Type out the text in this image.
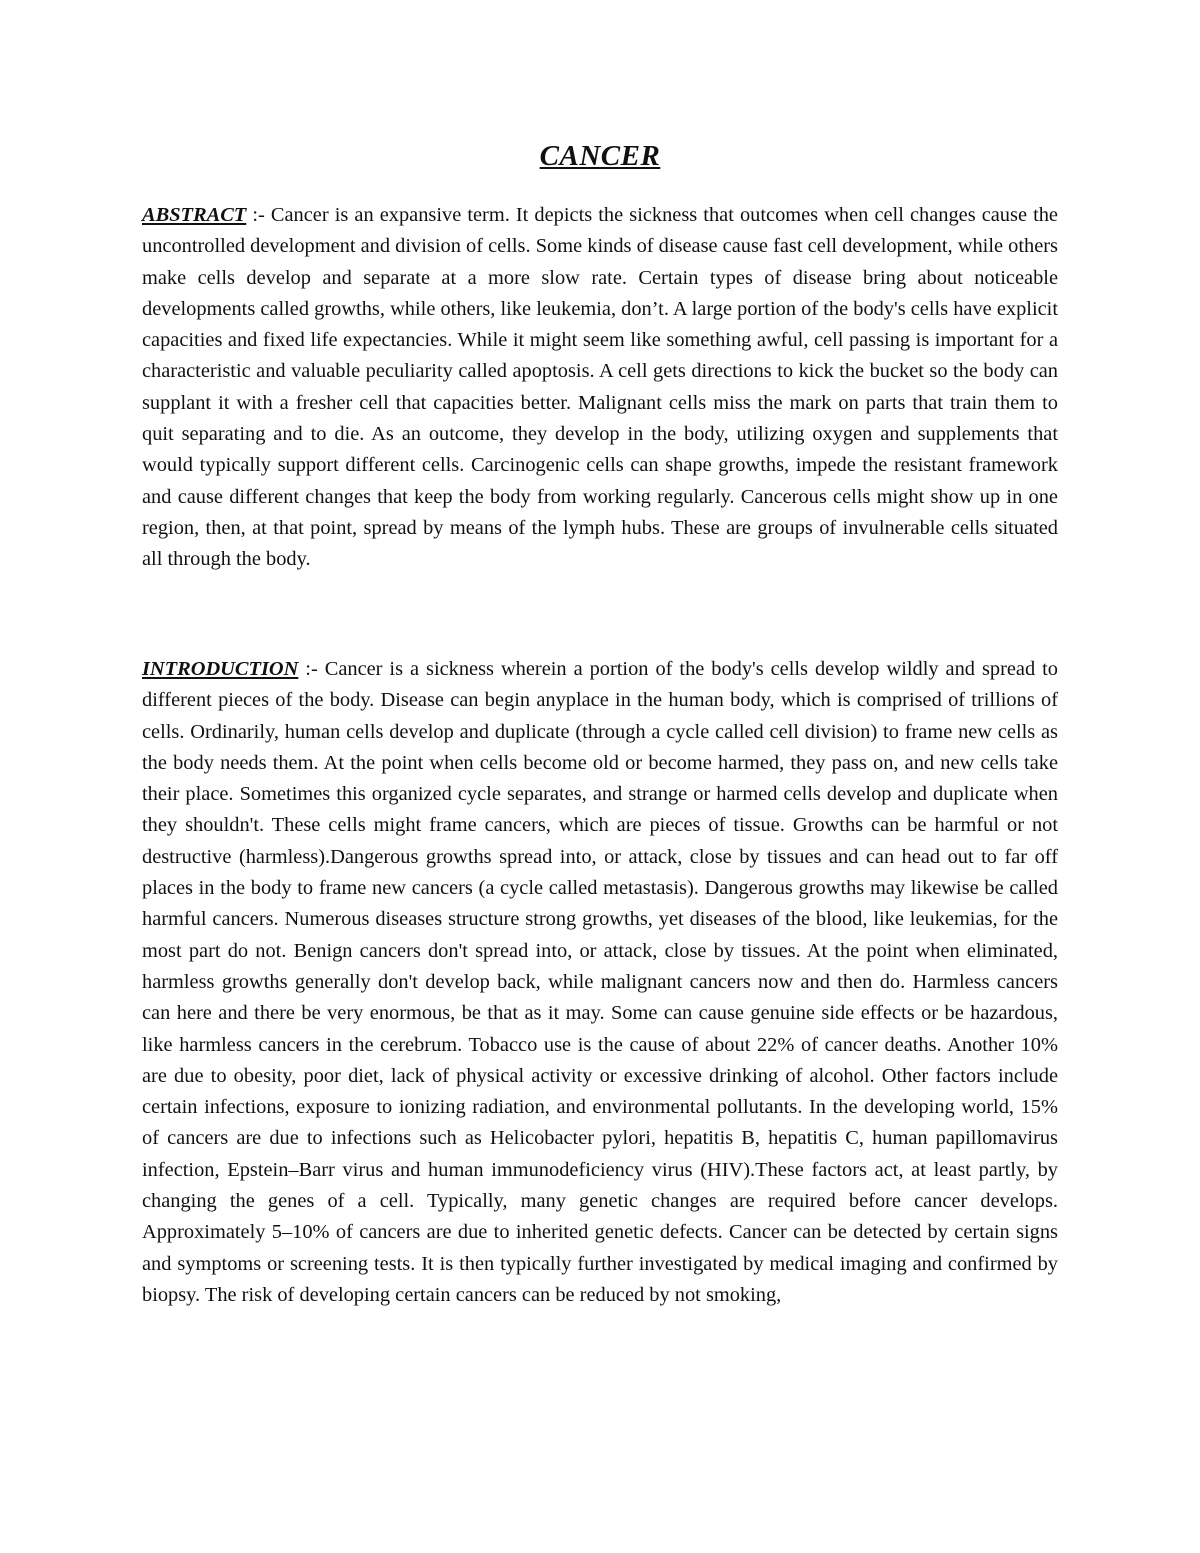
CANCER

ABSTRACT :- Cancer is an expansive term. It depicts the sickness that outcomes when cell changes cause the uncontrolled development and division of cells. Some kinds of disease cause fast cell development, while others make cells develop and separate at a more slow rate. Certain types of disease bring about noticeable developments called growths, while others, like leukemia, don’t. A large portion of the body's cells have explicit capacities and fixed life expectancies. While it might seem like something awful, cell passing is important for a characteristic and valuable peculiarity called apoptosis. A cell gets directions to kick the bucket so the body can supplant it with a fresher cell that capacities better. Malignant cells miss the mark on parts that train them to quit separating and to die. As an outcome, they develop in the body, utilizing oxygen and supplements that would typically support different cells. Carcinogenic cells can shape growths, impede the resistant framework and cause different changes that keep the body from working regularly. Cancerous cells might show up in one region, then, at that point, spread by means of the lymph hubs. These are groups of invulnerable cells situated all through the body.

INTRODUCTION :- Cancer is a sickness wherein a portion of the body's cells develop wildly and spread to different pieces of the body. Disease can begin anyplace in the human body, which is comprised of trillions of cells. Ordinarily, human cells develop and duplicate (through a cycle called cell division) to frame new cells as the body needs them. At the point when cells become old or become harmed, they pass on, and new cells take their place. Sometimes this organized cycle separates, and strange or harmed cells develop and duplicate when they shouldn't. These cells might frame cancers, which are pieces of tissue. Growths can be harmful or not destructive (harmless).Dangerous growths spread into, or attack, close by tissues and can head out to far off places in the body to frame new cancers (a cycle called metastasis). Dangerous growths may likewise be called harmful cancers. Numerous diseases structure strong growths, yet diseases of the blood, like leukemias, for the most part do not. Benign cancers don't spread into, or attack, close by tissues. At the point when eliminated, harmless growths generally don't develop back, while malignant cancers now and then do. Harmless cancers can here and there be very enormous, be that as it may. Some can cause genuine side effects or be hazardous, like harmless cancers in the cerebrum. Tobacco use is the cause of about 22% of cancer deaths. Another 10% are due to obesity, poor diet, lack of physical activity or excessive drinking of alcohol. Other factors include certain infections, exposure to ionizing radiation, and environmental pollutants. In the developing world, 15% of cancers are due to infections such as Helicobacter pylori, hepatitis B, hepatitis C, human papillomavirus infection, Epstein–Barr virus and human immunodeficiency virus (HIV).These factors act, at least partly, by changing the genes of a cell. Typically, many genetic changes are required before cancer develops. Approximately 5–10% of cancers are due to inherited genetic defects. Cancer can be detected by certain signs and symptoms or screening tests. It is then typically further investigated by medical imaging and confirmed by biopsy. The risk of developing certain cancers can be reduced by not smoking,
